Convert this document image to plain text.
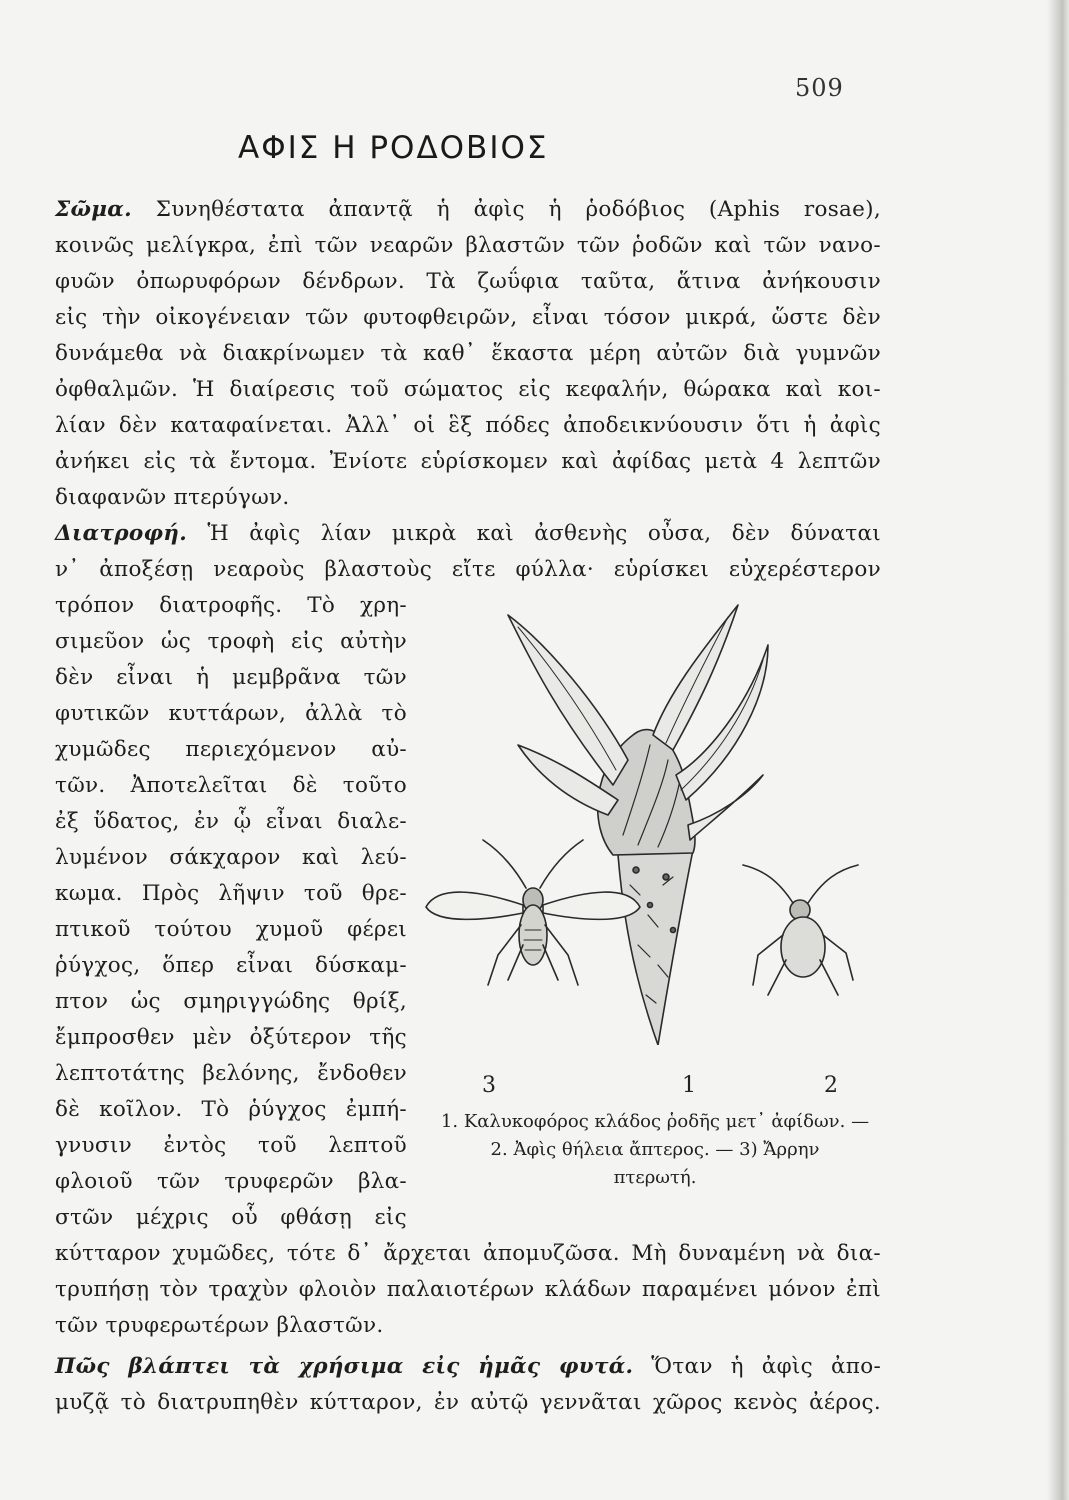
509
ΑΦΙΣ Η ΡΟΔΟΒΙΟΣ
Σῶμα. Συνηθέστατα ἀπαντᾷ ἡ ἀφὶς ἡ ῥοδόβιος (Aphis rosae),
κοινῶς μελίγκρα, ἐπὶ τῶν νεαρῶν βλαστῶν τῶν ῥοδῶν καὶ τῶν νανο-
φυῶν ὀπωρυφόρων δένδρων. Τὰ ζωΰφια ταῦτα, ἅτινα ἀνήκουσιν
εἰς τὴν οἰκογένειαν τῶν φυτοφθειρῶν, εἶναι τόσον μικρά, ὥστε δὲν
δυνάμεθα νὰ διακρίνωμεν τὰ καθ᾽ ἕκαστα μέρη αὐτῶν διὰ γυμνῶν
ὀφθαλμῶν. Ἡ διαίρεσις τοῦ σώματος εἰς κεφαλήν, θώρακα καὶ κοι-
λίαν δὲν καταφαίνεται. Ἀλλ᾽ οἱ ἓξ πόδες ἀποδεικνύουσιν ὅτι ἡ ἀφὶς
ἀνήκει εἰς τὰ ἔντομα. Ἐνίοτε εὑρίσκομεν καὶ ἀφίδας μετὰ 4 λεπτῶν
διαφανῶν πτερύγων.
Διατροφή. Ἡ ἀφὶς λίαν μικρὰ καὶ ἀσθενὴς οὖσα, δὲν δύναται
ν᾽ ἀποξέσῃ νεαροὺς βλαστοὺς εἴτε φύλλα· εὑρίσκει εὐχερέστερον
τρόπον διατροφῆς. Τὸ χρη-
σιμεῦον ὡς τροφὴ εἰς αὐτὴν
δὲν εἶναι ἡ μεμβρᾶνα τῶν
φυτικῶν κυττάρων, ἀλλὰ τὸ
χυμῶδες περιεχόμενον αὐ-
τῶν. Ἀποτελεῖται δὲ τοῦτο
ἐξ ὕδατος, ἐν ᾧ εἶναι διαλε-
λυμένον σάκχαρον καὶ λεύ-
κωμα. Πρὸς λῆψιν τοῦ θρε-
πτικοῦ τούτου χυμοῦ φέρει
ῥύγχος, ὅπερ εἶναι δύσκαμ-
πτον ὡς σμηριγγώδης θρίξ,
ἔμπροσθεν μὲν ὀξύτερον τῆς
λεπτοτάτης βελόνης, ἔνδοθεν
δὲ κοῖλον. Τὸ ῥύγχος ἐμπή-
γνυσιν ἐντὸς τοῦ λεπτοῦ
φλοιοῦ τῶν τρυφερῶν βλα-
στῶν μέχρις οὗ φθάσῃ εἰς
κύτταρον χυμῶδες, τότε δ᾽ ἄρχεται ἀπομυζῶσα. Μὴ δυναμένη νὰ δια-
τρυπήσῃ τὸν τραχὺν φλοιὸν παλαιοτέρων κλάδων παραμένει μόνον ἐπὶ
τῶν τρυφερωτέρων βλαστῶν.
Πῶς βλάπτει τὰ χρήσιμα εἰς ἡμᾶς φυτά. Ὅταν ἡ ἀφὶς ἀπο-
μυζᾷ τὸ διατρυπηθὲν κύτταρον, ἐν αὐτῷ γεννᾶται χῶρος κενὸς ἀέρος.
3	1	2
1. Καλυκοφόρος κλάδος ῥοδῆς μετ᾽ ἀφίδων. —
2. Ἀφὶς θήλεια ἄπτερος. — 3) Ἄρρην
πτερωτή.
